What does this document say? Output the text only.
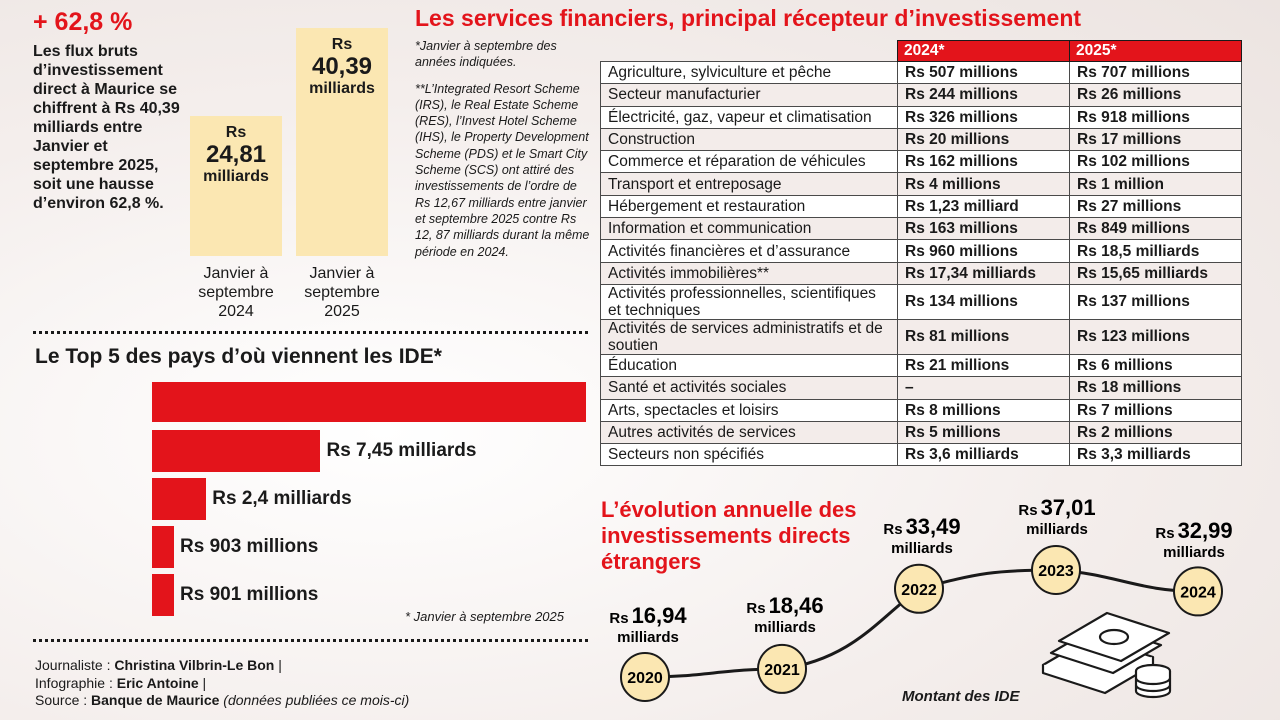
+ 62,8 %
Les flux bruts d’investissement direct à Maurice se chiffrent à Rs 40,39 milliards entre Janvier et septembre 2025, soit une hausse d’environ 62,8 %.
Rs
24,81
milliards
Janvier à septembre 2024
Rs
40,39
milliards
Janvier à septembre 2025

*Janvier à septembre des années indiquées.

**L’Integrated Resort Scheme (IRS), le Real Estate Scheme (RES), l’Invest Hotel Scheme (IHS), le Property Development Scheme (PDS) et le Smart City Scheme (SCS) ont attiré des investissements de l’ordre de Rs 12,67 milliards entre janvier et septembre 2025 contre Rs 12, 87 milliards durant la même période en 2024.

Les services financiers, principal récepteur d’investissement
	2024*	2025*
Agriculture, sylviculture et pêche	Rs 507 millions	Rs 707 millions
Secteur manufacturier	Rs 244 millions	Rs 26 millions
Électricité, gaz, vapeur et climatisation	Rs 326 millions	Rs 918 millions
Construction	Rs 20 millions	Rs 17 millions
Commerce et réparation de véhicules	Rs 162 millions	Rs 102 millions
Transport et entreposage	Rs 4 millions	Rs 1 million
Hébergement et restauration	Rs 1,23 milliard	Rs 27 millions
Information et communication	Rs 163 millions	Rs 849 millions
Activités financières et d’assurance	Rs 960 millions	Rs 18,5 milliards
Activités immobilières**	Rs 17,34 milliards	Rs 15,65 milliards
Activités professionnelles, scientifiques et techniques	Rs 134 millions	Rs 137 millions
Activités de services administratifs et de soutien	Rs 81 millions	Rs 123 millions
Éducation	Rs 21 millions	Rs 6 millions
Santé et activités sociales	–	Rs 18 millions
Arts, spectacles et loisirs	Rs 8 millions	Rs 7 millions
Autres activités de services	Rs 5 millions	Rs 2 millions
Secteurs non spécifiés	Rs 3,6 milliards	Rs 3,3 milliards
Le Top 5 des pays d’où viennent les IDE*
Rs 7,45 milliards
Rs 2,4 milliards
Rs 903 millions
Rs 901 millions
* Janvier à septembre 2025
Journaliste : Christina Vilbrin-Le Bon |
Infographie : Eric Antoine |
Source : Banque de Maurice (données publiées ce mois-ci)
L’évolution annuelle des investissements directs étrangers
2020
Rs 16,94
milliards
2021
Rs 18,46
milliards
2022
Rs 33,49
milliards
2023
Rs 37,01
milliards
2024
Rs 32,99
milliards
Montant des IDE
